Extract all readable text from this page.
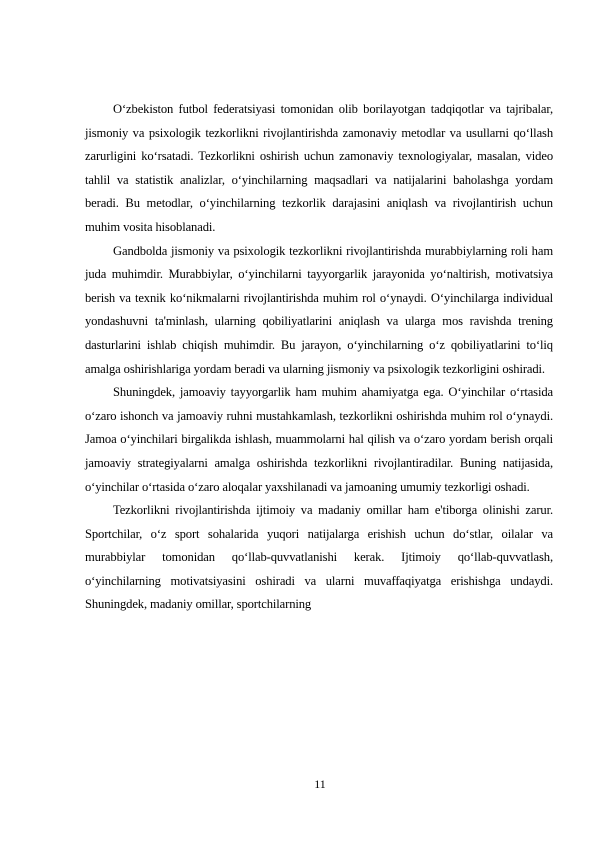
O‘zbekiston futbol federatsiyasi tomonidan olib borilayotgan tadqiqotlar va tajribalar, jismoniy va psixologik tezkorlikni rivojlantirishda zamonaviy metodlar va usullarni qo‘llash zarurligini ko‘rsatadi. Tezkorlikni oshirish uchun zamonaviy texnologiyalar, masalan, video tahlil va statistik analizlar, o‘yinchilarning maqsadlari va natijalarini baholashga yordam beradi. Bu metodlar, o‘yinchilarning tezkorlik darajasini aniqlash va rivojlantirish uchun muhim vosita hisoblanadi.

Gandbolda jismoniy va psixologik tezkorlikni rivojlantirishda murabbiylarning roli ham juda muhimdir. Murabbiylar, o‘yinchilarni tayyorgarlik jarayonida yo‘naltirish, motivatsiya berish va texnik ko‘nikmalarni rivojlantirishda muhim rol o‘ynaydi. O‘yinchilarga individual yondashuvni ta'minlash, ularning qobiliyatlarini aniqlash va ularga mos ravishda trening dasturlarini ishlab chiqish muhimdir. Bu jarayon, o‘yinchilarning o‘z qobiliyatlarini to‘liq amalga oshirishlariga yordam beradi va ularning jismoniy va psixologik tezkorligini oshiradi.

Shuningdek, jamoaviy tayyorgarlik ham muhim ahamiyatga ega. O‘yinchilar o‘rtasida o‘zaro ishonch va jamoaviy ruhni mustahkamlash, tezkorlikni oshirishda muhim rol o‘ynaydi. Jamoa o‘yinchilari birgalikda ishlash, muammolarni hal qilish va o‘zaro yordam berish orqali jamoaviy strategiyalarni amalga oshirishda tezkorlikni rivojlantiradilar. Buning natijasida, o‘yinchilar o‘rtasida o‘zaro aloqalar yaxshilanadi va jamoaning umumiy tezkorligi oshadi.

Tezkorlikni rivojlantirishda ijtimoiy va madaniy omillar ham e'tiborga olinishi zarur. Sportchilar, o‘z sport sohalarida yuqori natijalarga erishish uchun do‘stlar, oilalar va murabbiylar tomonidan qo‘llab-quvvatlanishi kerak. Ijtimoiy qo‘llab-quvvatlash, o‘yinchilarning motivatsiyasini oshiradi va ularni muvaffaqiyatga erishishga undaydi. Shuningdek, madaniy omillar, sportchilarning

11
